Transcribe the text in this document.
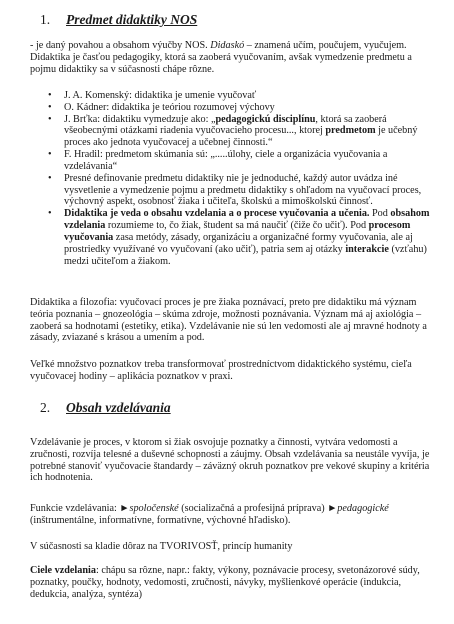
1. Predmet didaktiky NOS

- je daný povahou a obsahom výučby NOS. Didaskó – znamená učím, poučujem, vyučujem. Didaktika je časťou pedagogiky, ktorá sa zaoberá vyučovaním, avšak vymedzenie predmetu a pojmu didaktiky sa v súčasnosti chápe rôzne.

• J. A. Komenský: didaktika je umenie vyučovať
• O. Kádner: didaktika je teóriou rozumovej výchovy
• J. Brťka: didaktiku vymedzuje ako: „pedagogickú disciplínu, ktorá sa zaoberá všeobecnými otázkami riadenia vyučovacieho procesu..., ktorej predmetom je učebný proces ako jednota vyučovacej a učebnej činnosti.“
• F. Hradil: predmetom skúmania sú: „.....úlohy, ciele a organizácia vyučovania a vzdelávania“
• Presné definovanie predmetu didaktiky nie je jednoduché, každý autor uvádza iné vysvetlenie a vymedzenie pojmu a predmetu didaktiky s ohľadom na vyučovací proces, výchovný aspekt, osobnosť žiaka i učiteľa, školskú a mimoškolskú činnosť.
• Didaktika je veda o obsahu vzdelania a o procese vyučovania a učenia. Pod obsahom vzdelania rozumieme to, čo žiak, študent sa má naučiť (čiže čo učiť). Pod procesom vyučovania zasa metódy, zásady, organizáciu a organizačné formy vyučovania, ale aj prostriedky využívané vo vyučovaní (ako učiť), patria sem aj otázky interakcie (vzťahu) medzi učiteľom a žiakom.

Didaktika a filozofia: vyučovací proces je pre žiaka poznávací, preto pre didaktiku má význam teória poznania – gnozeológia – skúma zdroje, možnosti poznávania. Význam má aj axiológia – zaoberá sa hodnotami (estetiky, etika). Vzdelávanie nie sú len vedomosti ale aj mravné hodnoty a zásady, zviazané s krásou a umením a pod.

Veľké množstvo poznatkov treba transformovať prostredníctvom didaktického systému, cieľa vyučovacej hodiny – aplikácia poznatkov v praxi.

2. Obsah vzdelávania

Vzdelávanie je proces, v ktorom si žiak osvojuje poznatky a činnosti, vytvára vedomosti a zručnosti, rozvíja telesné a duševné schopnosti a záujmy. Obsah vzdelávania sa neustále vyvíja, je potrebné stanoviť vyučovacie štandardy – záväzný okruh poznatkov pre vekové skupiny a kritéria ich hodnotenia.

Funkcie vzdelávania: ►spoločenské (socializačná a profesijná príprava) ►pedagogické (inštrumentálne, informatívne, formatívne, výchovné hľadisko).

V súčasnosti sa kladie dôraz na TVORIVOSŤ, princíp humanity

Ciele vzdelania: chápu sa rôzne, napr.: fakty, výkony, poznávacie procesy, svetonázorové súdy, poznatky, poučky, hodnoty, vedomosti, zručnosti, návyky, myšlienkové operácie (indukcia, dedukcia, analýza, syntéza)
